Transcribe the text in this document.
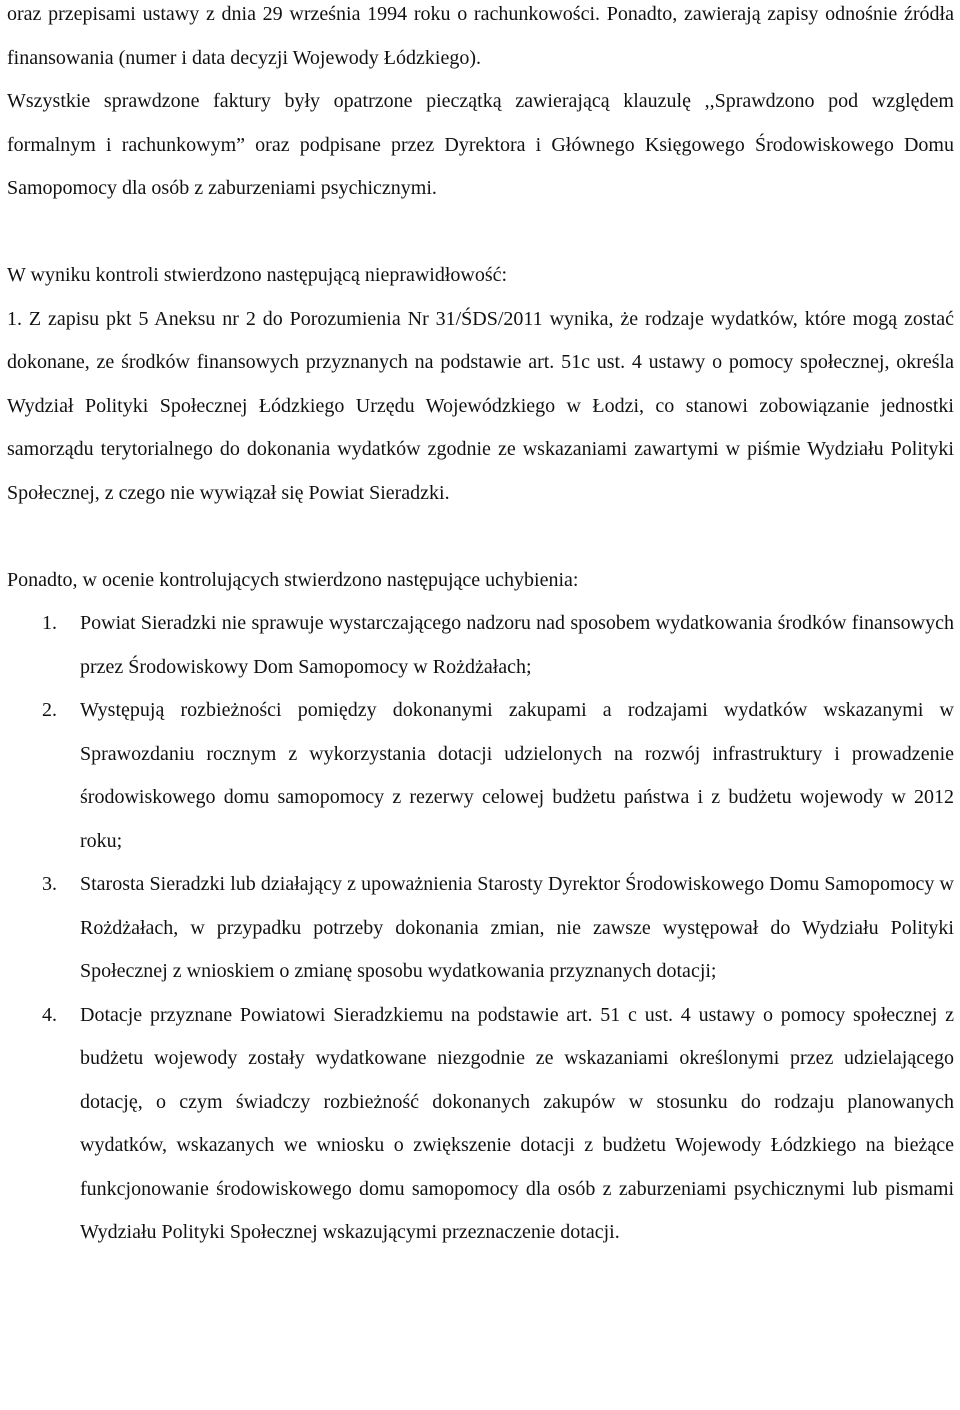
oraz przepisami ustawy z dnia 29 września 1994 roku o rachunkowości. Ponadto, zawierają zapisy odnośnie źródła finansowania (numer i data decyzji Wojewody Łódzkiego).

Wszystkie sprawdzone faktury były opatrzone pieczątką zawierającą klauzulę ,,Sprawdzono pod względem formalnym i rachunkowym” oraz podpisane przez Dyrektora i Głównego Księgowego Środowiskowego Domu Samopomocy dla osób z zaburzeniami psychicznymi.

W wyniku kontroli stwierdzono następującą nieprawidłowość:

1. Z zapisu pkt 5 Aneksu nr 2 do Porozumienia Nr 31/ŚDS/2011 wynika, że rodzaje wydatków, które mogą zostać dokonane, ze środków finansowych przyznanych na podstawie art. 51c ust. 4 ustawy o pomocy społecznej, określa Wydział Polityki Społecznej Łódzkiego Urzędu Wojewódzkiego w Łodzi, co stanowi zobowiązanie jednostki samorządu terytorialnego do dokonania wydatków zgodnie ze wskazaniami zawartymi w piśmie Wydziału Polityki Społecznej, z czego nie wywiązał się Powiat Sieradzki.

Ponadto, w ocenie kontrolujących stwierdzono następujące uchybienia:

1. Powiat Sieradzki nie sprawuje wystarczającego nadzoru nad sposobem wydatkowania środków finansowych przez Środowiskowy Dom Samopomocy w Rożdżałach;
2. Występują rozbieżności pomiędzy dokonanymi zakupami a rodzajami wydatków wskazanymi w Sprawozdaniu rocznym z wykorzystania dotacji udzielonych na rozwój infrastruktury i prowadzenie środowiskowego domu samopomocy z rezerwy celowej budżetu państwa i z budżetu wojewody w 2012 roku;
3. Starosta Sieradzki lub działający z upoważnienia Starosty Dyrektor Środowiskowego Domu Samopomocy w Rożdżałach, w przypadku potrzeby dokonania zmian, nie zawsze występował do Wydziału Polityki Społecznej z wnioskiem o zmianę sposobu wydatkowania przyznanych dotacji;
4. Dotacje przyznane Powiatowi Sieradzkiemu na podstawie art. 51 c ust. 4 ustawy o pomocy społecznej z budżetu wojewody zostały wydatkowane niezgodnie ze wskazaniami określonymi przez udzielającego dotację, o czym świadczy rozbieżność dokonanych zakupów w stosunku do rodzaju planowanych wydatków, wskazanych we wniosku o zwiększenie dotacji z budżetu Wojewody Łódzkiego na bieżące funkcjonowanie środowiskowego domu samopomocy dla osób z zaburzeniami psychicznymi lub pismami Wydziału Polityki Społecznej wskazującymi przeznaczenie dotacji.
